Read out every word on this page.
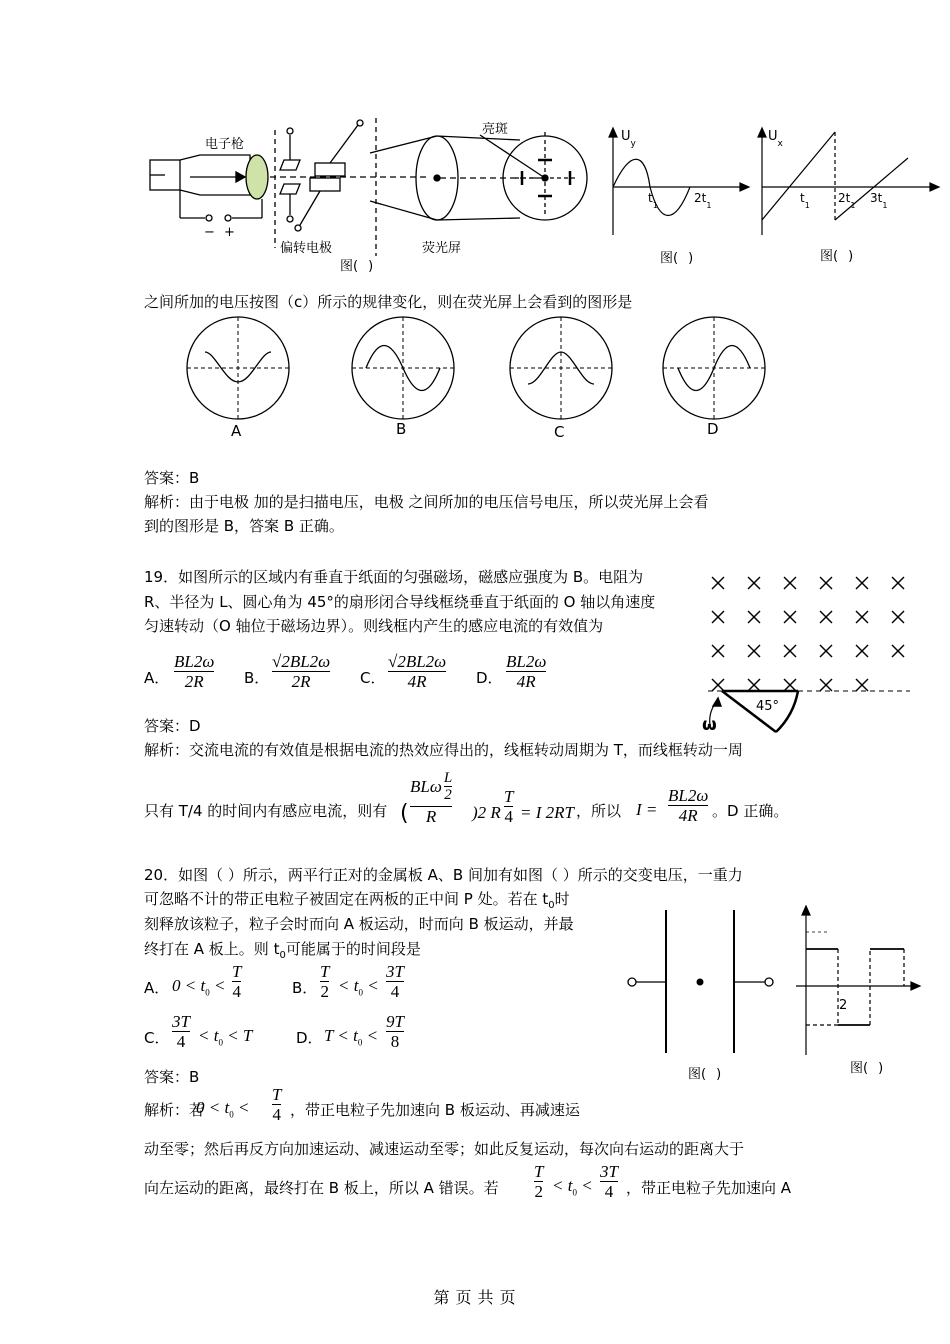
电子枪
亮斑
偏转电极	荧光屏
− +
图( )
$U_y$
$t_1$
$2t_1$
图( )
$U_x$
$t_1$
$2t_1$
$3t_1$
图( )
之间所加的电压按图（c）所示的规律变化，则在荧光屏上会看到的图形是
A	B	C	D
答案：B
解析：由于电极 加的是扫描电压，电极 之间所加的电压信号电压，所以荧光屏上会看
到的图形是 B，答案 B 正确。
19．如图所示的区域内有垂直于纸面的匀强磁场，磁感应强度为 B。电阻为
R、半径为 L、圆心角为 45°的扇形闭合导线框绕垂直于纸面的 O 轴以角速度
匀速转动（O 轴位于磁场边界）。则线框内产生的感应电流的有效值为
A．
BL2ω
2R	B．
√2BL2ω
2R	C．
√2BL2ω
4R	D．
BL2ω
4R
45°
ω
答案：D
解析：交流电流的有效值是根据电流的热效应得出的，线框转动周期为 T，而线框转动一周
只有 T/4 的时间内有感应电流，则有 (
BLω $\frac{L}{2}$
R )2 R
T
4 = I 2RT ，所以 I =
BL2ω
4R 。D 正确。
20．如图（ ）所示，两平行正对的金属板 A、B 间加有如图（ ）所示的交变电压，一重力
可忽略不计的带正电粒子被固定在两板的正中间 P 处。若在 $t_0$时
刻释放该粒子，粒子会时而向 A 板运动，时而向 B 板运动，并最
终打在 A 板上。则 $t_0$可能属于的时间段是
A． $0 < t_0$ <
T
4	B．
T
$2 < t_0$ <
3T
4
C．
3T
$4 < t_0 < T$	D． $T < t_0$ <
9T
8
2
图( )	图( )
答案：B
解析：若
$0 < t_0$ <
T
4 ，带正电粒子先加速向 B 板运动、再减速运
动至零；然后再反方向加速运动、减速运动至零；如此反复运动，每次向右运动的距离大于
向左运动的距离，最终打在 B 板上，所以 A 错误。若
T
$2 < t_0$ <
3T
4 ，带正电粒子先加速向 A
第 页 共 页
